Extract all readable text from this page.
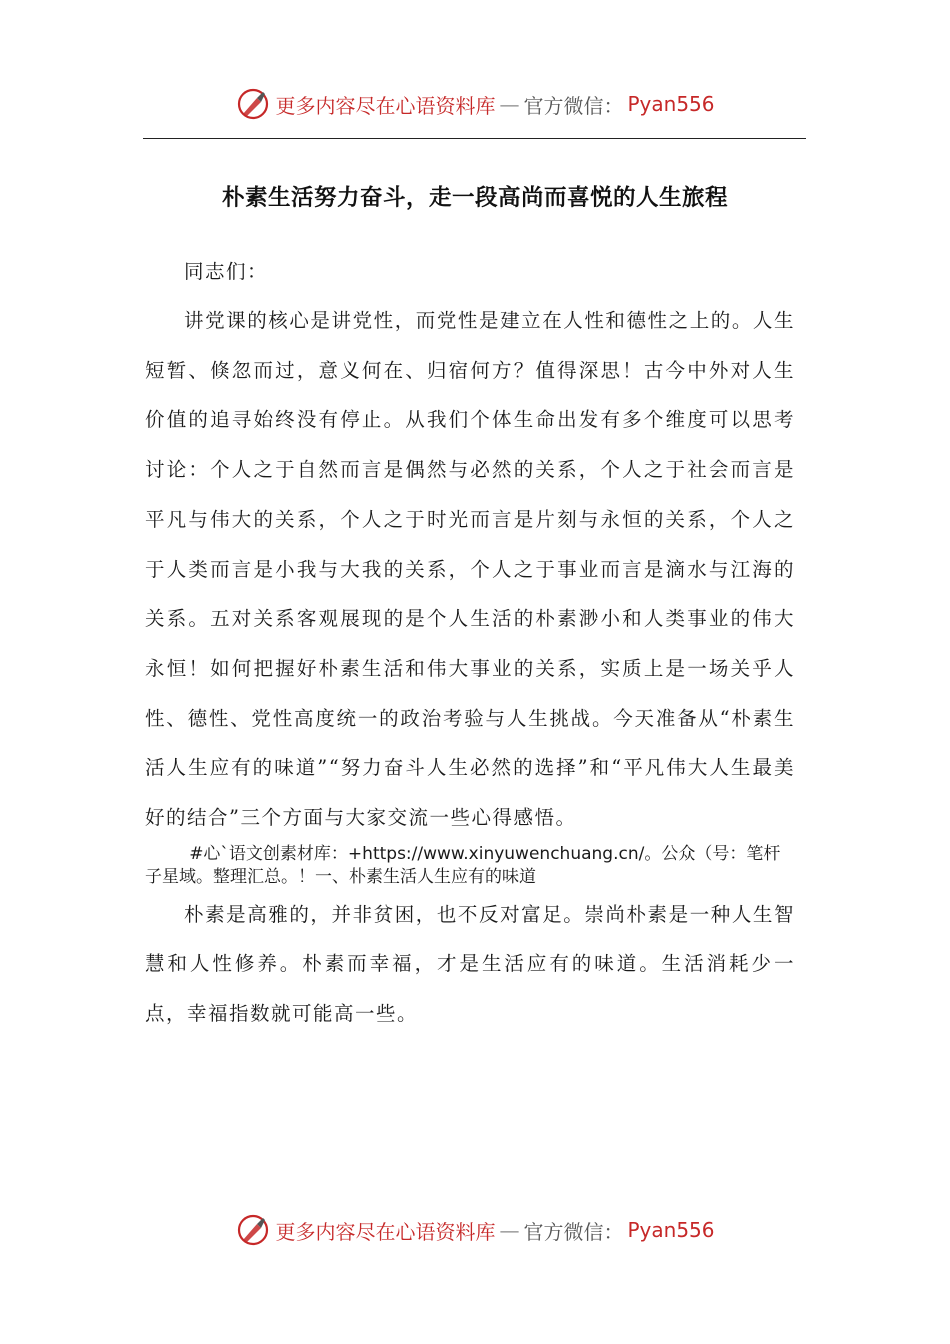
更多内容尽在心语资料库 — 官方微信： Pyan556
朴素生活努力奋斗，走一段高尚而喜悦的人生旅程

同志们：

讲党课的核心是讲党性，而党性是建立在人性和德性之上的。人生短暂、倏忽而过，意义何在、归宿何方？值得深思！古今中外对人生价值的追寻始终没有停止。从我们个体生命出发有多个维度可以思考讨论：个人之于自然而言是偶然与必然的关系，个人之于社会而言是平凡与伟大的关系，个人之于时光而言是片刻与永恒的关系，个人之于人类而言是小我与大我的关系，个人之于事业而言是滴水与江海的关系。五对关系客观展现的是个人生活的朴素渺小和人类事业的伟大永恒！如何把握好朴素生活和伟大事业的关系，实质上是一场关乎人性、德性、党性高度统一的政治考验与人生挑战。今天准备从“朴素生活人生应有的味道”“努力奋斗人生必然的选择”和“平凡伟大人生最美好的结合”三个方面与大家交流一些心得感悟。

#心`语文创素材库：+https://www.xinyuwenchuang.cn/。公众（号：笔杆子星域。整理汇总。！一、朴素生活人生应有的味道

朴素是高雅的，并非贫困，也不反对富足。崇尚朴素是一种人生智慧和人性修养。朴素而幸福，才是生活应有的味道。生活消耗少一点，幸福指数就可能高一些。

更多内容尽在心语资料库 — 官方微信： Pyan556
